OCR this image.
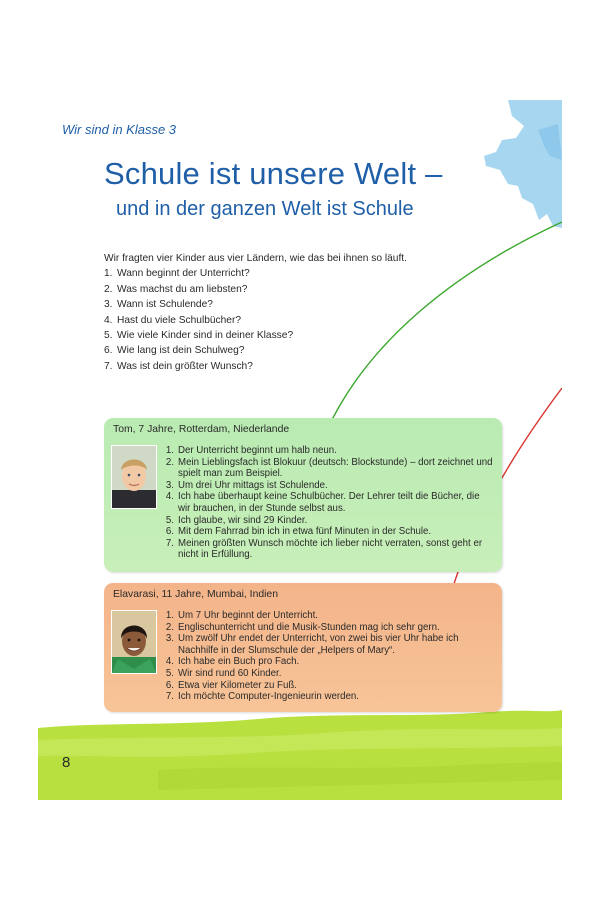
Wir sind in Klasse 3
Schule ist unsere Welt –
und in der ganzen Welt ist Schule
Wir fragten vier Kinder aus vier Ländern, wie das bei ihnen so läuft.
1. Wann beginnt der Unterricht?
2. Was machst du am liebsten?
3. Wann ist Schulende?
4. Hast du viele Schulbücher?
5. Wie viele Kinder sind in deiner Klasse?
6. Wie lang ist dein Schulweg?
7. Was ist dein größter Wunsch?
Tom, 7 Jahre, Rotterdam, Niederlande
1. Der Unterricht beginnt um halb neun.
2. Mein Lieblingsfach ist Blokuur (deutsch: Blockstunde) – dort zeichnet und spielt man zum Beispiel.
3. Um drei Uhr mittags ist Schulende.
4. Ich habe überhaupt keine Schulbücher. Der Lehrer teilt die Bücher, die wir brauchen, in der Stunde selbst aus.
5. Ich glaube, wir sind 29 Kinder.
6. Mit dem Fahrrad bin ich in etwa fünf Minuten in der Schule.
7. Meinen größten Wunsch möchte ich lieber nicht verraten, sonst geht er nicht in Erfüllung.
Elavarasi, 11 Jahre, Mumbai, Indien
1. Um 7 Uhr beginnt der Unterricht.
2. Englischunterricht und die Musik-Stunden mag ich sehr gern.
3. Um zwölf Uhr endet der Unterricht, von zwei bis vier Uhr habe ich Nachhilfe in der Slumschule der „Helpers of Mary“.
4. Ich habe ein Buch pro Fach.
5. Wir sind rund 60 Kinder.
6. Etwa vier Kilometer zu Fuß.
7. Ich möchte Computer-Ingenieurin werden.
8
